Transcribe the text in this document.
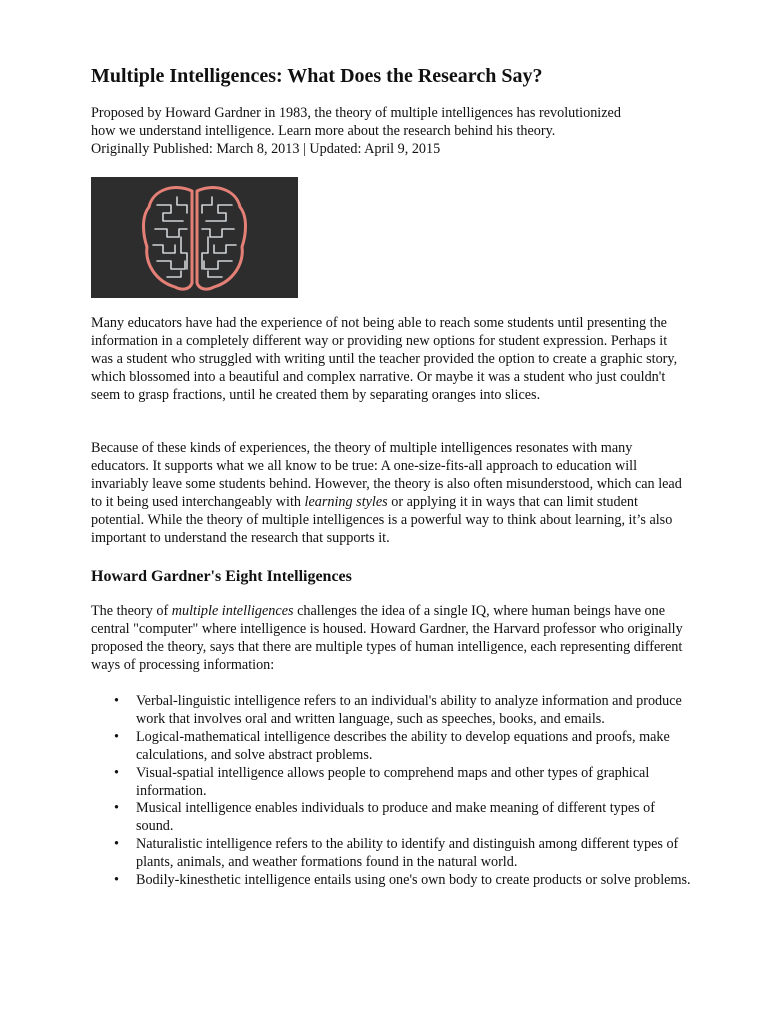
Multiple Intelligences: What Does the Research Say?
Proposed by Howard Gardner in 1983, the theory of multiple intelligences has revolutionized
how we understand intelligence. Learn more about the research behind his theory.
Originally Published: March 8, 2013 | Updated: April 9, 2015

Many educators have had the experience of not being able to reach some students until presenting the information in a completely different way or providing new options for student expression. Perhaps it was a student who struggled with writing until the teacher provided the option to create a graphic story, which blossomed into a beautiful and complex narrative. Or maybe it was a student who just couldn't seem to grasp fractions, until he created them by separating oranges into slices.

Because of these kinds of experiences, the theory of multiple intelligences resonates with many educators. It supports what we all know to be true: A one-size-fits-all approach to education will invariably leave some students behind. However, the theory is also often misunderstood, which can lead to it being used interchangeably with learning styles or applying it in ways that can limit student potential. While the theory of multiple intelligences is a powerful way to think about learning, it’s also important to understand the research that supports it.

Howard Gardner's Eight Intelligences

The theory of multiple intelligences challenges the idea of a single IQ, where human beings have one central "computer" where intelligence is housed. Howard Gardner, the Harvard professor who originally proposed the theory, says that there are multiple types of human intelligence, each representing different ways of processing information:

• Verbal-linguistic intelligence refers to an individual's ability to analyze information and produce work that involves oral and written language, such as speeches, books, and emails.
• Logical-mathematical intelligence describes the ability to develop equations and proofs, make calculations, and solve abstract problems.
• Visual-spatial intelligence allows people to comprehend maps and other types of graphical information.
• Musical intelligence enables individuals to produce and make meaning of different types of sound.
• Naturalistic intelligence refers to the ability to identify and distinguish among different types of plants, animals, and weather formations found in the natural world.
• Bodily-kinesthetic intelligence entails using one's own body to create products or solve problems.
